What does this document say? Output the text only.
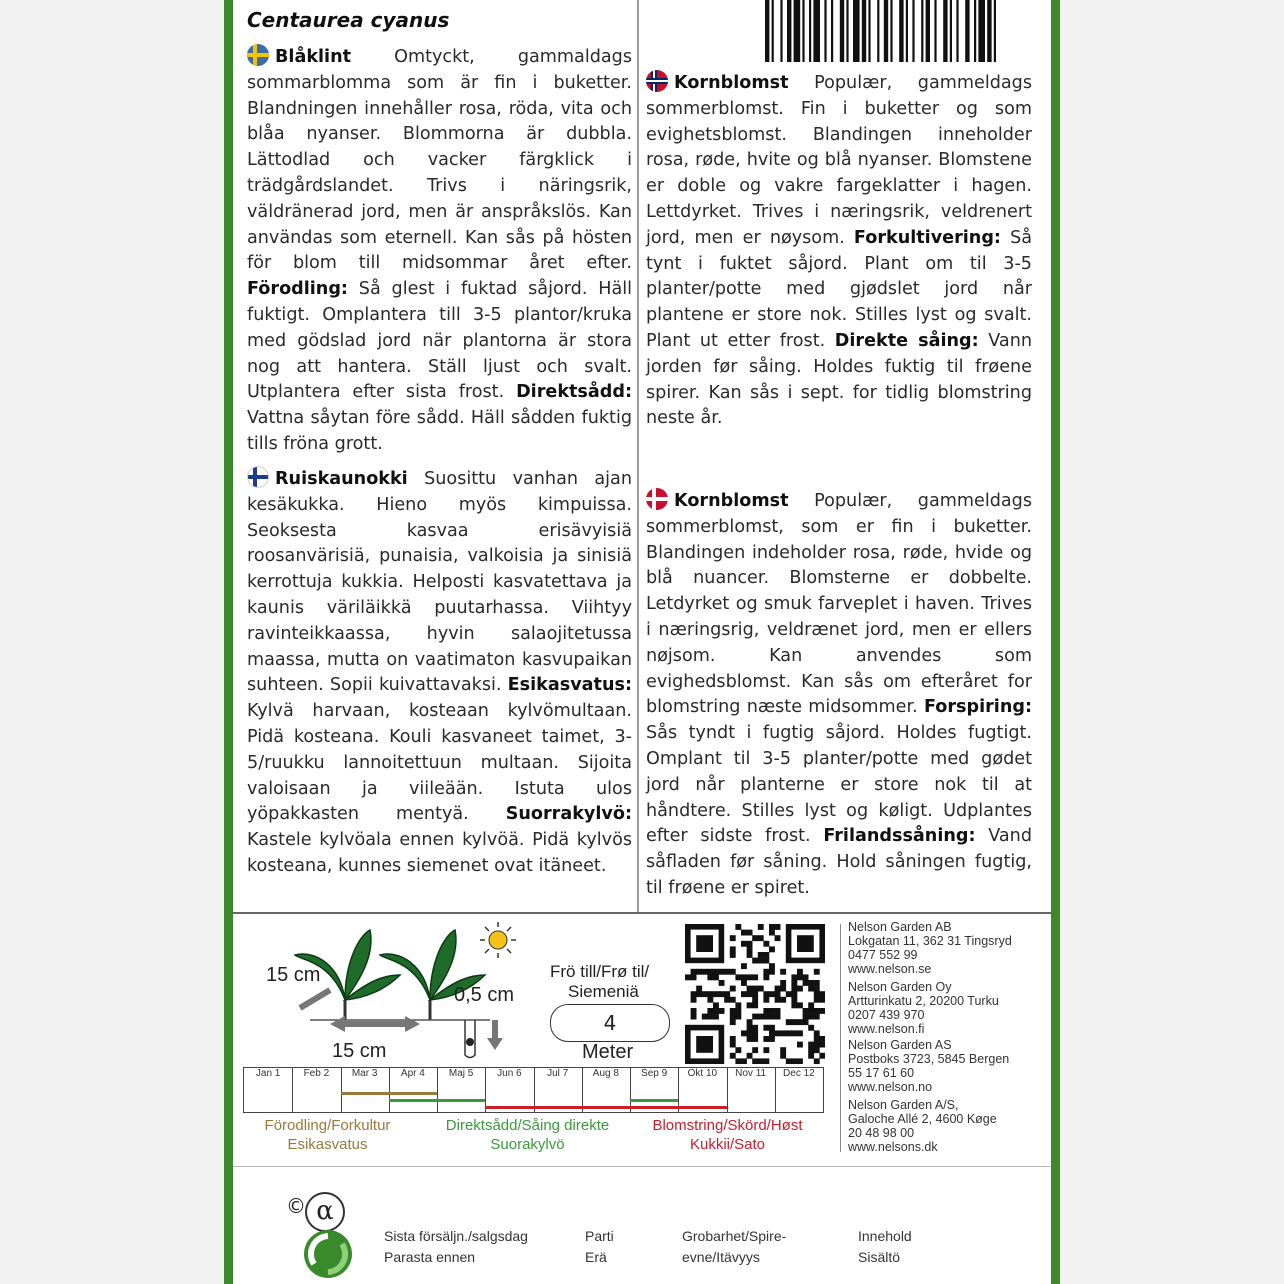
Centaurea cyanus
Blåklint Omtyckt, gammaldags sommarblomma som är fin i buketter. Blandningen innehåller rosa, röda, vita och blåa nyanser. Blommorna är dubbla. Lättodlad och vacker färgklick i trädgårdslandet. Trivs i näringsrik, väldränerad jord, men är anspråkslös. Kan användas som eternell. Kan sås på hösten för blom till midsommar året efter. Förodling: Så glest i fuktad såjord. Häll fuktigt. Omplantera till 3-5 plantor/kruka med gödslad jord när plantorna är stora nog att hantera. Ställ ljust och svalt. Utplantera efter sista frost. Direktsådd: Vattna såytan före sådd. Häll sådden fuktig tills fröna grott.
Kornblomst Populær, gammeldags sommerblomst. Fin i buketter og som evighetsblomst. Blandingen inneholder rosa, røde, hvite og blå nyanser. Blomstene er doble og vakre fargeklatter i hagen. Lettdyrket. Trives i næringsrik, veldrenert jord, men er nøysom. Forkultivering: Så tynt i fuktet såjord. Plant om til 3-5 planter/potte med gjødslet jord når plantene er store nok. Stilles lyst og svalt. Plant ut etter frost. Direkte såing: Vann jorden før såing. Holdes fuktig til frøene spirer. Kan sås i sept. for tidlig blomstring neste år.
Ruiskaunokki Suosittu vanhan ajan kesäkukka. Hieno myös kimpuissa. Seoksesta kasvaa erisävyisiä roosanvärisiä, punaisia, valkoisia ja sinisiä kerrottuja kukkia. Helposti kasvatettava ja kaunis väriläikkä puutarhassa. Viihtyy ravinteikkaassa, hyvin salaojitetussa maassa, mutta on vaatimaton kasvupaikan suhteen. Sopii kuivattavaksi. Esikasvatus: Kylvä harvaan, kosteaan kylvömultaan. Pidä kosteana. Kouli kasvaneet taimet, 3-5/ruukku lannoitettuun multaan. Sijoita valoisaan ja viileään. Istuta ulos yöpakkasten mentyä. Suorrakylvö: Kastele kylvöala ennen kylvöä. Pidä kylvös kosteana, kunnes siemenet ovat itäneet.
Kornblomst Populær, gammeldags sommerblomst, som er fin i buketter. Blandingen indeholder rosa, røde, hvide og blå nuancer. Blomsterne er dobbelte. Letdyrket og smuk farveplet i haven. Trives i næringsrig, veldrænet jord, men er ellers nøjsom. Kan anvendes som evighedsblomst. Kan sås om efteråret for blomstring næste midsommer. Forspiring: Sås tyndt i fugtig såjord. Holdes fugtigt. Omplant til 3-5 planter/potte med gødet jord når planterne er store nok til at håndtere. Stilles lyst og køligt. Udplantes efter sidste frost. Frilandssåning: Vand såfladen før såning. Hold såningen fugtig, til frøene er spiret.
15 cm
15 cm
0,5 cm
Frö till/Frø til/
Siemeniä
4
Meter
Jan 1	Feb 2	Mar 3	Apr 4	Maj 5	Jun 6	Jul 7	Aug 8	Sep 9	Okt 10	Nov 11	Dec 12
Förodling/Forkultur
Esikasvatus
Direktsådd/Såing direkte
Suorakylvö
Blomstring/Skörd/Høst
Kukkii/Sato
Nelson Garden AB
Lokgatan 11, 362 31 Tingsryd
0477 552 99
www.nelson.se
Nelson Garden Oy
Artturinkatu 2, 20200 Turku
0207 439 970
www.nelson.fi
Nelson Garden AS
Postboks 3723, 5845 Bergen
55 17 61 60
www.nelson.no
Nelson Garden A/S,
Galoche Allé 2, 4600 Køge
20 48 98 00
www.nelsons.dk
© α
Sista försäljn./salgsdag
Parasta ennen
Parti
Erä
Grobarhet/Spire-
evne/Itävyys
Innehold
Sisältö
